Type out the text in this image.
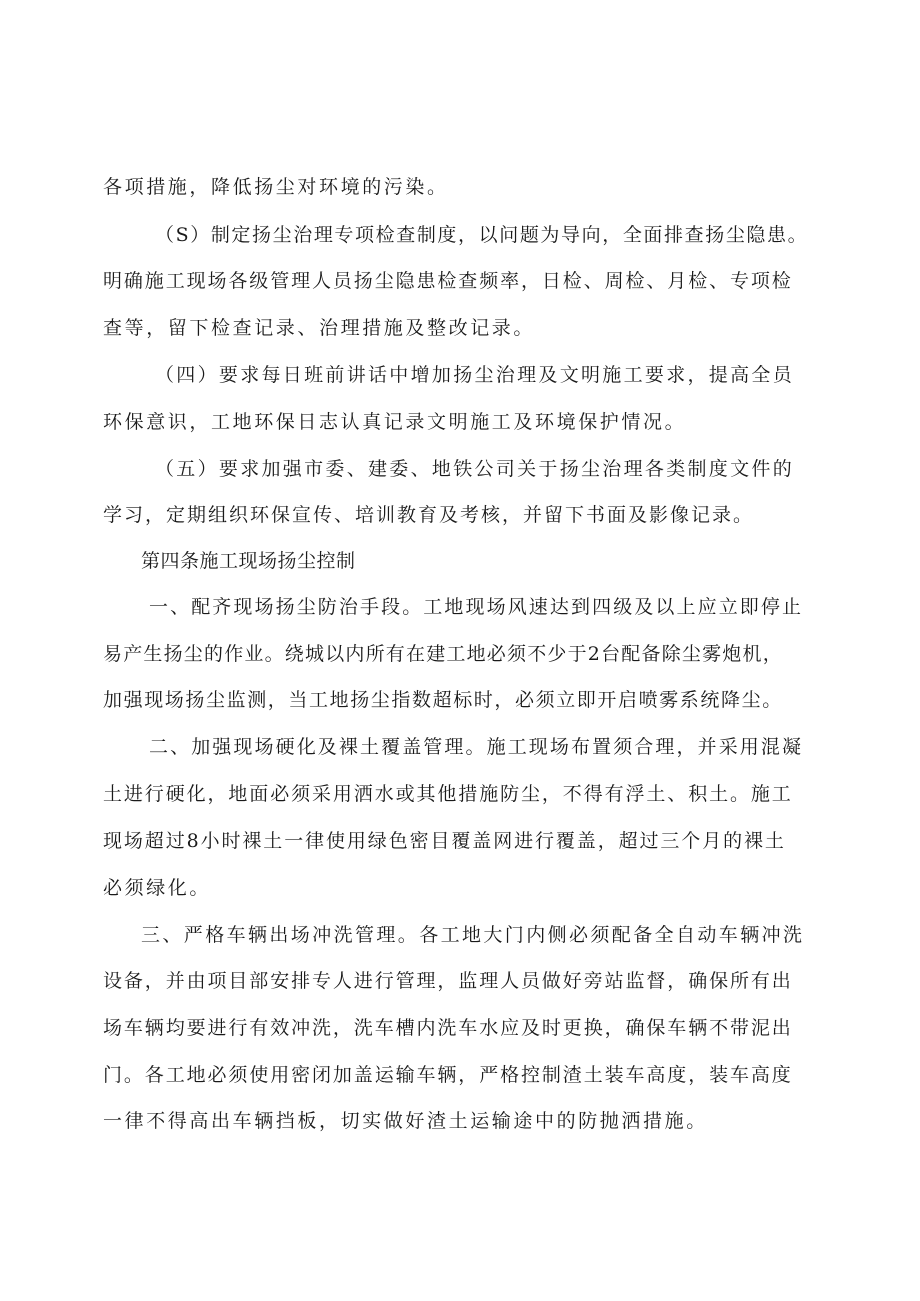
各项措施，降低扬尘对环境的污染。
（S）制定扬尘治理专项检查制度，以问题为导向，全面排查扬尘隐患。
明确施工现场各级管理人员扬尘隐患检查频率，日检、周检、月检、专项检
查等，留下检查记录、治理措施及整改记录。
（四）要求每日班前讲话中增加扬尘治理及文明施工要求，提高全员
环保意识，工地环保日志认真记录文明施工及环境保护情况。
（五）要求加强市委、建委、地铁公司关于扬尘治理各类制度文件的
学习，定期组织环保宣传、培训教育及考核，并留下书面及影像记录。
第四条施工现场扬尘控制
一、配齐现场扬尘防治手段。工地现场风速达到四级及以上应立即停止
易产生扬尘的作业。绕城以内所有在建工地必须不少于2台配备除尘雾炮机，
加强现场扬尘监测，当工地扬尘指数超标时，必须立即开启喷雾系统降尘。
二、加强现场硬化及裸土覆盖管理。施工现场布置须合理，并采用混凝
土进行硬化，地面必须采用洒水或其他措施防尘，不得有浮土、积土。施工
现场超过8小时裸土一律使用绿色密目覆盖网进行覆盖，超过三个月的裸土
必须绿化。
三、严格车辆出场冲洗管理。各工地大门内侧必须配备全自动车辆冲洗
设备，并由项目部安排专人进行管理，监理人员做好旁站监督，确保所有出
场车辆均要进行有效冲洗，洗车槽内洗车水应及时更换，确保车辆不带泥出
门。各工地必须使用密闭加盖运输车辆，严格控制渣土装车高度，装车高度
一律不得高出车辆挡板，切实做好渣土运输途中的防抛洒措施。
